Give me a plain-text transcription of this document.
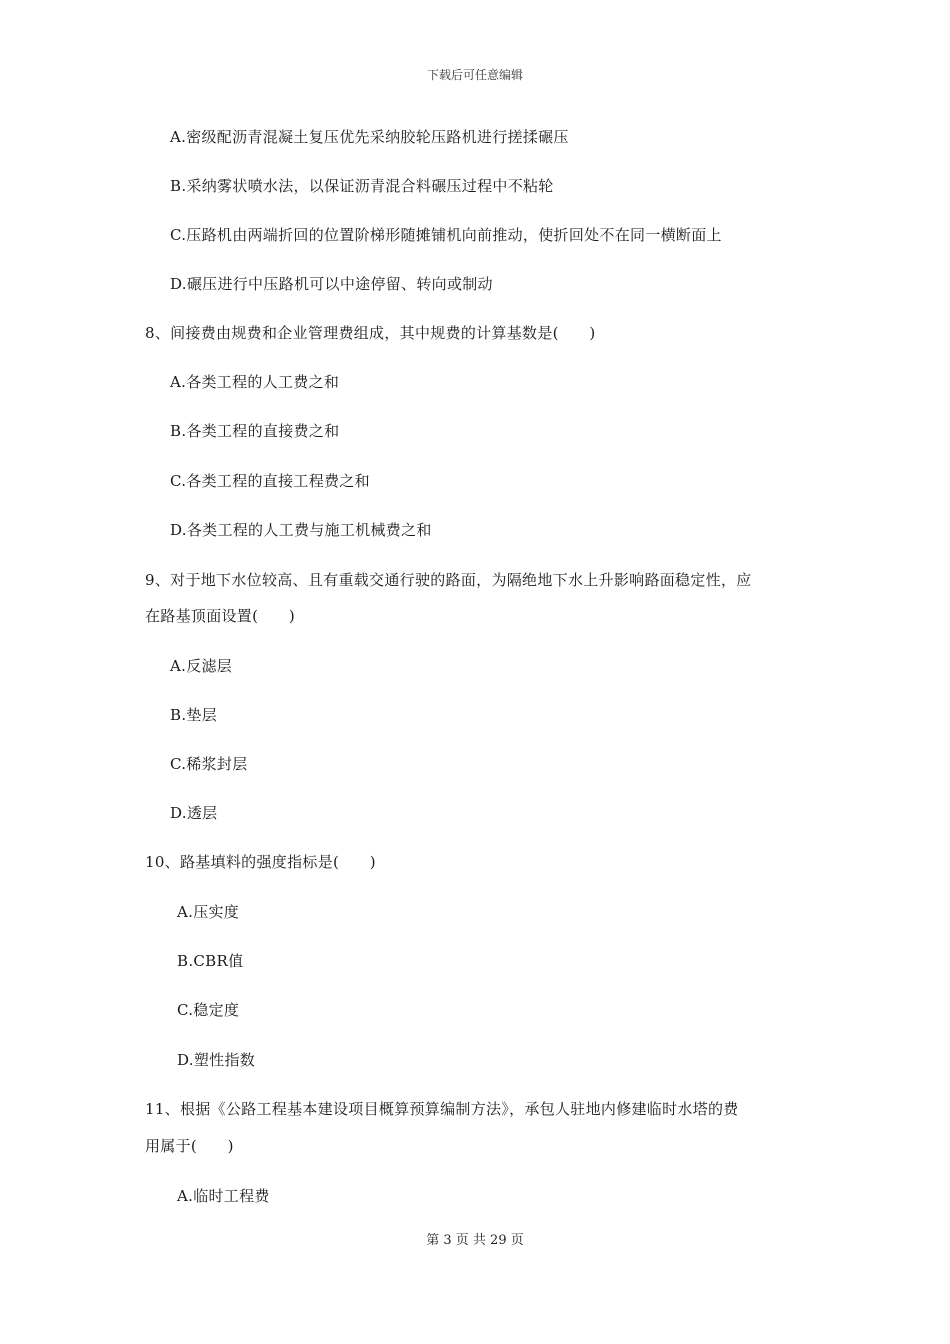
下载后可任意编辑
A.密级配沥青混凝土复压优先采纳胶轮压路机进行搓揉碾压
B.采纳雾状喷水法，以保证沥青混合料碾压过程中不粘轮
C.压路机由两端折回的位置阶梯形随摊铺机向前推动，使折回处不在同一横断面上
D.碾压进行中压路机可以中途停留、转向或制动
8、间接费由规费和企业管理费组成，其中规费的计算基数是(　　)
A.各类工程的人工费之和
B.各类工程的直接费之和
C.各类工程的直接工程费之和
D.各类工程的人工费与施工机械费之和
9、对于地下水位较高、且有重载交通行驶的路面，为隔绝地下水上升影响路面稳定性，应
在路基顶面设置(　　)
A.反滤层
B.垫层
C.稀浆封层
D.透层
10、路基填料的强度指标是(　　)
A.压实度
B.CBR值
C.稳定度
D.塑性指数
11、根据《公路工程基本建设项目概算预算编制方法》，承包人驻地内修建临时水塔的费
用属于(　　)
A.临时工程费
第 3 页 共 29 页
